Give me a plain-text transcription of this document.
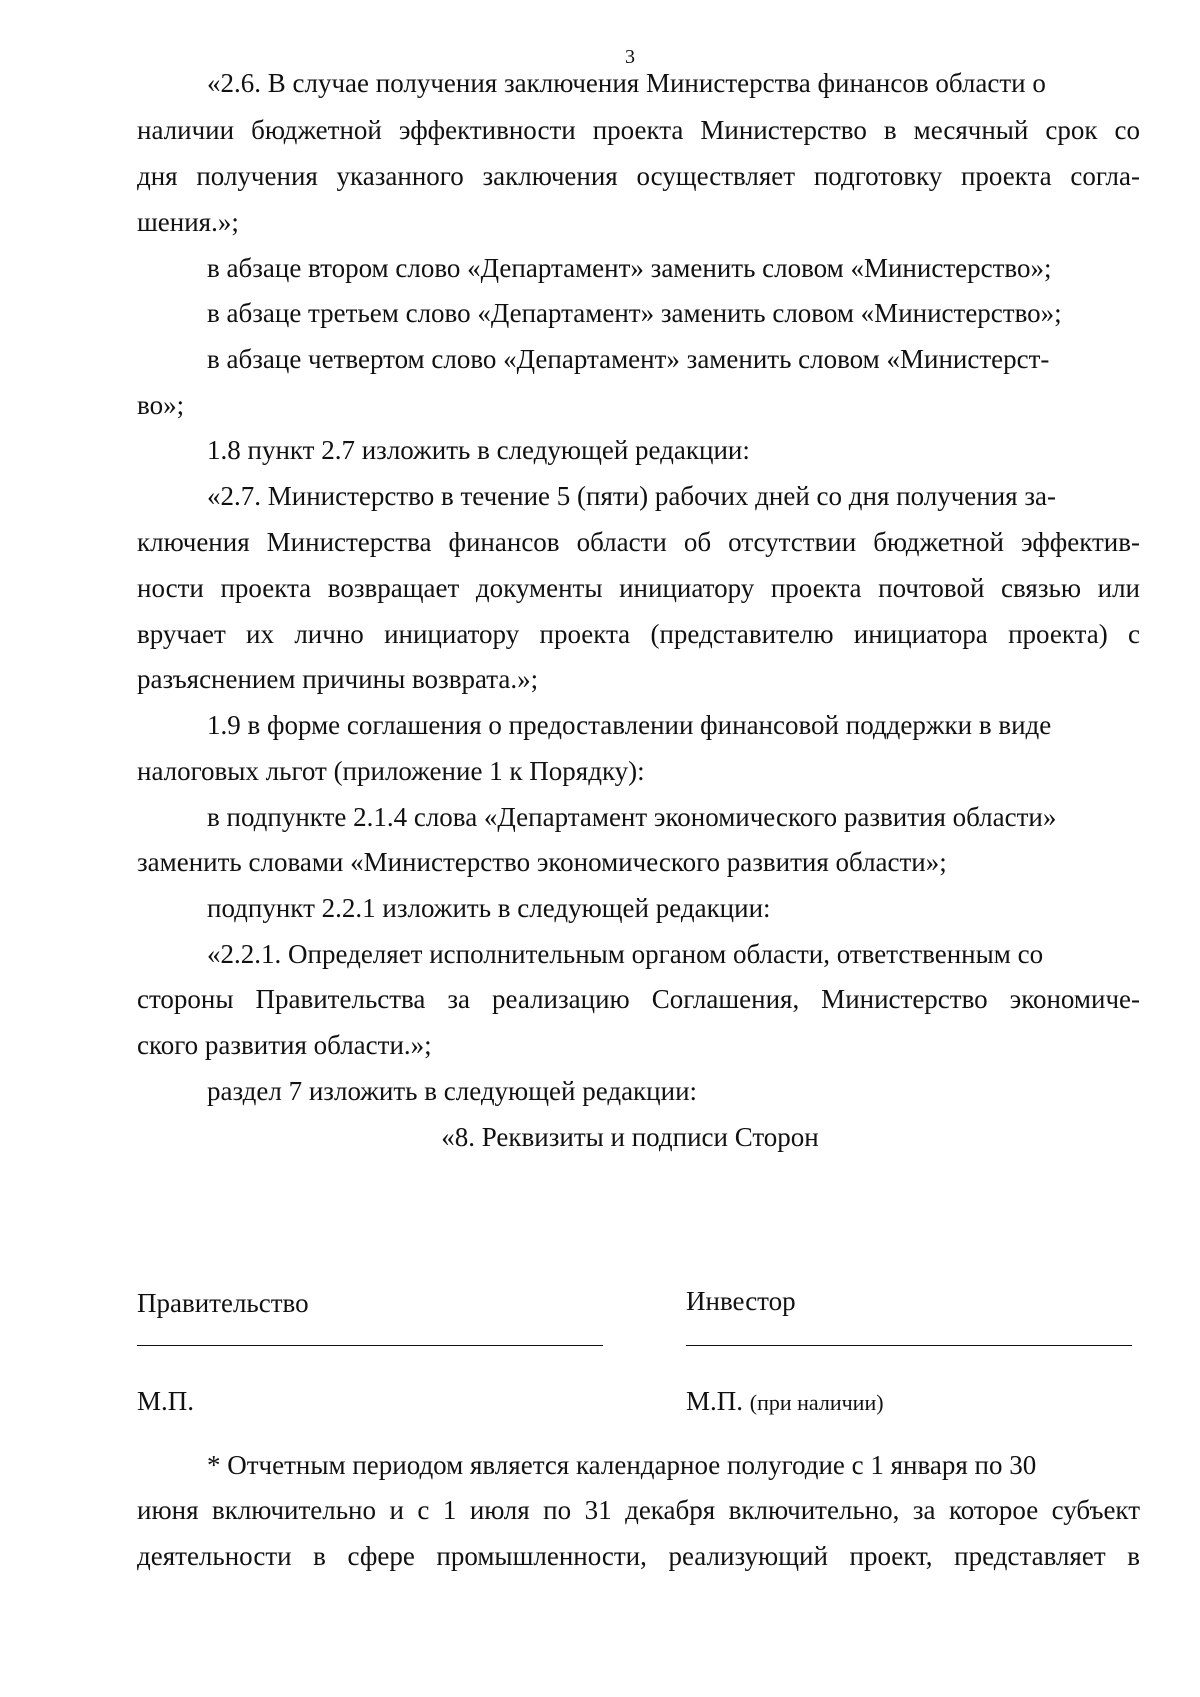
3
«2.6. В случае получения заключения Министерства финансов области о
наличии бюджетной эффективности проекта Министерство в месячный срок со
дня получения указанного заключения осуществляет подготовку проекта согла-
шения.»;
в абзаце втором слово «Департамент» заменить словом «Министерство»;
в абзаце третьем слово «Департамент» заменить словом «Министерство»;
в абзаце четвертом слово «Департамент» заменить словом «Министерст-
во»;
1.8 пункт 2.7 изложить в следующей редакции:
«2.7. Министерство в течение 5 (пяти) рабочих дней со дня получения за-
ключения Министерства финансов области об отсутствии бюджетной эффектив-
ности проекта возвращает документы инициатору проекта почтовой связью или
вручает их лично инициатору проекта (представителю инициатора проекта) с
разъяснением причины возврата.»;
1.9 в форме соглашения о предоставлении финансовой поддержки в виде
налоговых льгот (приложение 1 к Порядку):
в подпункте 2.1.4 слова «Департамент экономического развития области»
заменить словами «Министерство экономического развития области»;
подпункт 2.2.1 изложить в следующей редакции:
«2.2.1. Определяет исполнительным органом области, ответственным со
стороны Правительства за реализацию Соглашения, Министерство экономиче-
ского развития области.»;
раздел 7 изложить в следующей редакции:
«8. Реквизиты и подписи Сторон
Правительство	Инвестор
М.П.	М.П. (при наличии)
* Отчетным периодом является календарное полугодие с 1 января по 30
июня включительно и с 1 июля по 31 декабря включительно, за которое субъект
деятельности в сфере промышленности, реализующий проект, представляет в
